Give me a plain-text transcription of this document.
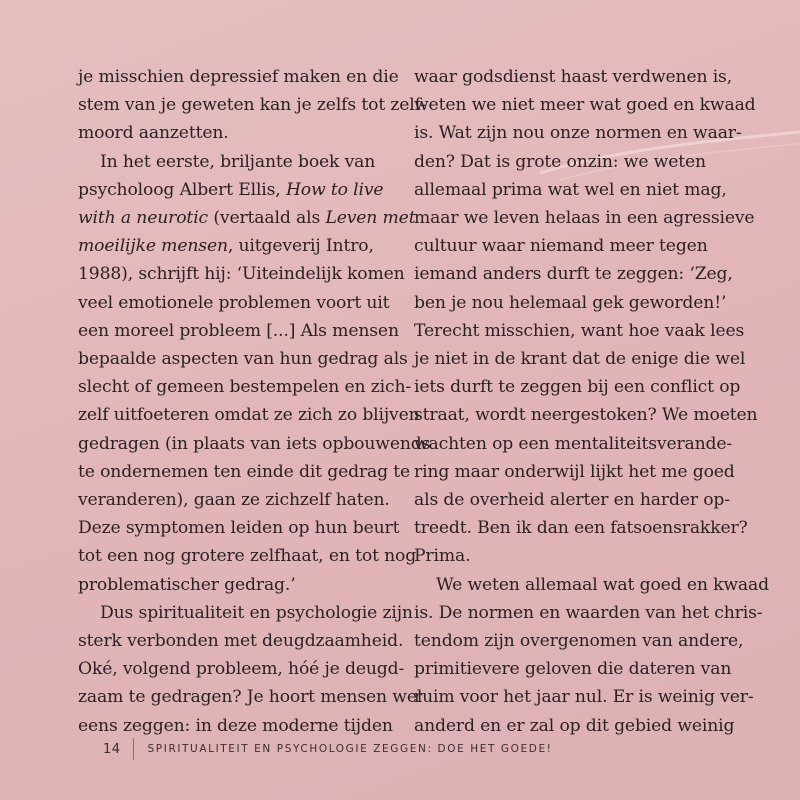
je misschien depressief maken en die

stem van je geweten kan je zelfs tot zelf-

moord aanzetten.

In het eerste, briljante boek van

psycholoog Albert Ellis, How to live

with a neurotic (vertaald als Leven met

moeilijke mensen, uitgeverij Intro,

1988), schrijft hij: ‘Uiteindelijk komen

veel emotionele problemen voort uit

een moreel probleem [...] Als mensen

bepaalde aspecten van hun gedrag als

slecht of gemeen bestempelen en zich-

zelf uitfoeteren omdat ze zich zo blijven

gedragen (in plaats van iets opbouwends

te ondernemen ten einde dit gedrag te

veranderen), gaan ze zichzelf haten.

Deze symptomen leiden op hun beurt

tot een nog grotere zelfhaat, en tot nog

problematischer gedrag.’

Dus spiritualiteit en psychologie zijn

sterk verbonden met deugdzaamheid.

Oké, volgend probleem, hóé je deugd-

zaam te gedragen? Je hoort mensen wel

eens zeggen: in deze moderne tijden

waar godsdienst haast verdwenen is,

weten we niet meer wat goed en kwaad

is. Wat zijn nou onze normen en waar-

den? Dat is grote onzin: we weten

allemaal prima wat wel en niet mag,

maar we leven helaas in een agressieve

cultuur waar niemand meer tegen

iemand anders durft te zeggen: ‘Zeg,

ben je nou helemaal gek geworden!’

Terecht misschien, want hoe vaak lees

je niet in de krant dat de enige die wel

iets durft te zeggen bij een conflict op

straat, wordt neergestoken? We moeten

wachten op een mentaliteitsverande-

ring maar onderwijl lijkt het me goed

als de overheid alerter en harder op-

treedt. Ben ik dan een fatsoensrakker?

Prima.

We weten allemaal wat goed en kwaad

is. De normen en waarden van het chris-

tendom zijn overgenomen van andere,

primitievere geloven die dateren van

ruim voor het jaar nul. Er is weinig ver-

anderd en er zal op dit gebied weinig

14	SPIRITUALITEIT EN PSYCHOLOGIE ZEGGEN: DOE HET GOEDE!
